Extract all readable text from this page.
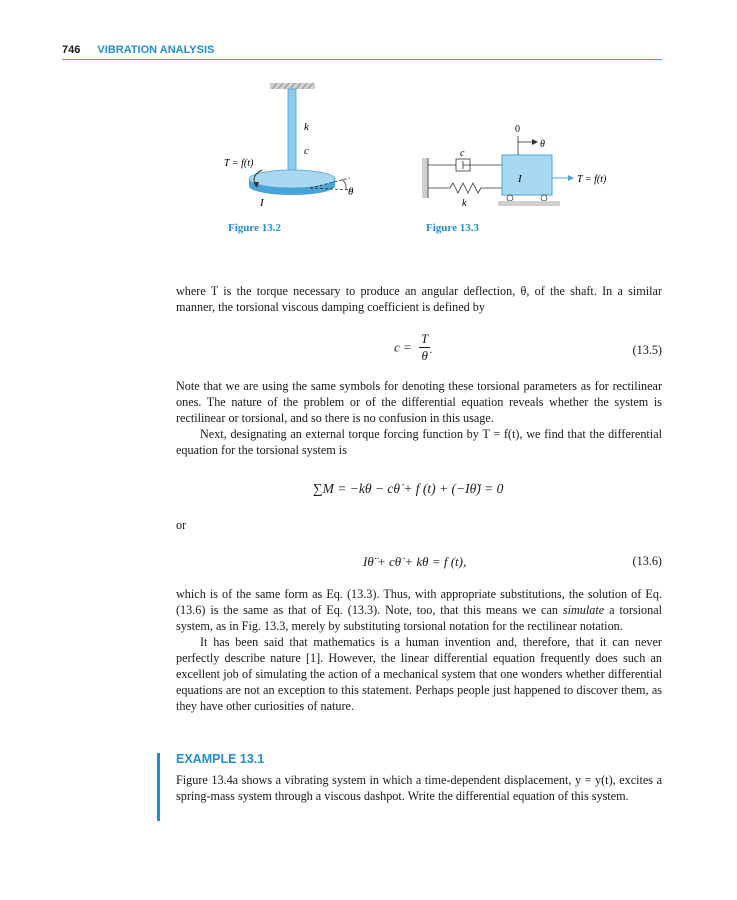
746 VIBRATION ANALYSIS
k
c
T = f(t)
I
θ
Figure 13.2
0
θ
c
k
I	T = f(t)
Figure 13.3

where T is the torque necessary to produce an angular deflection, θ, of the shaft. In a similar manner, the torsional viscous damping coefficient is defined by

$c = \frac{T}{\thetȧ}$	(13.5)

Note that we are using the same symbols for denoting these torsional parameters as for rectilinear ones. The nature of the problem or of the differential equation reveals whether the system is rectilinear or torsional, and so there is no confusion in this usage.

Next, designating an external torque forcing function by T = f(t), we find that the differential equation for the torsional system is

∑M = −kθ − cθ̇ + f (t) + (−Iθ̈) = 0
or
Iθ̈ + cθ̇ + kθ = f (t),	(13.6)

which is of the same form as Eq. (13.3). Thus, with appropriate substitutions, the solution of Eq. (13.6) is the same as that of Eq. (13.3). Note, too, that this means we can simulate a torsional system, as in Fig. 13.3, merely by substituting torsional notation for the rectilinear notation.

It has been said that mathematics is a human invention and, therefore, that it can never perfectly describe nature [1]. However, the linear differential equation frequently does such an excellent job of simulating the action of a mechanical system that one wonders whether differential equations are not an exception to this statement. Perhaps people just happened to discover them, as they have other curiosities of nature.

EXAMPLE 13.1

Figure 13.4a shows a vibrating system in which a time-dependent displacement, y = y(t), excites a spring-mass system through a viscous dashpot. Write the differential equation of this system.
